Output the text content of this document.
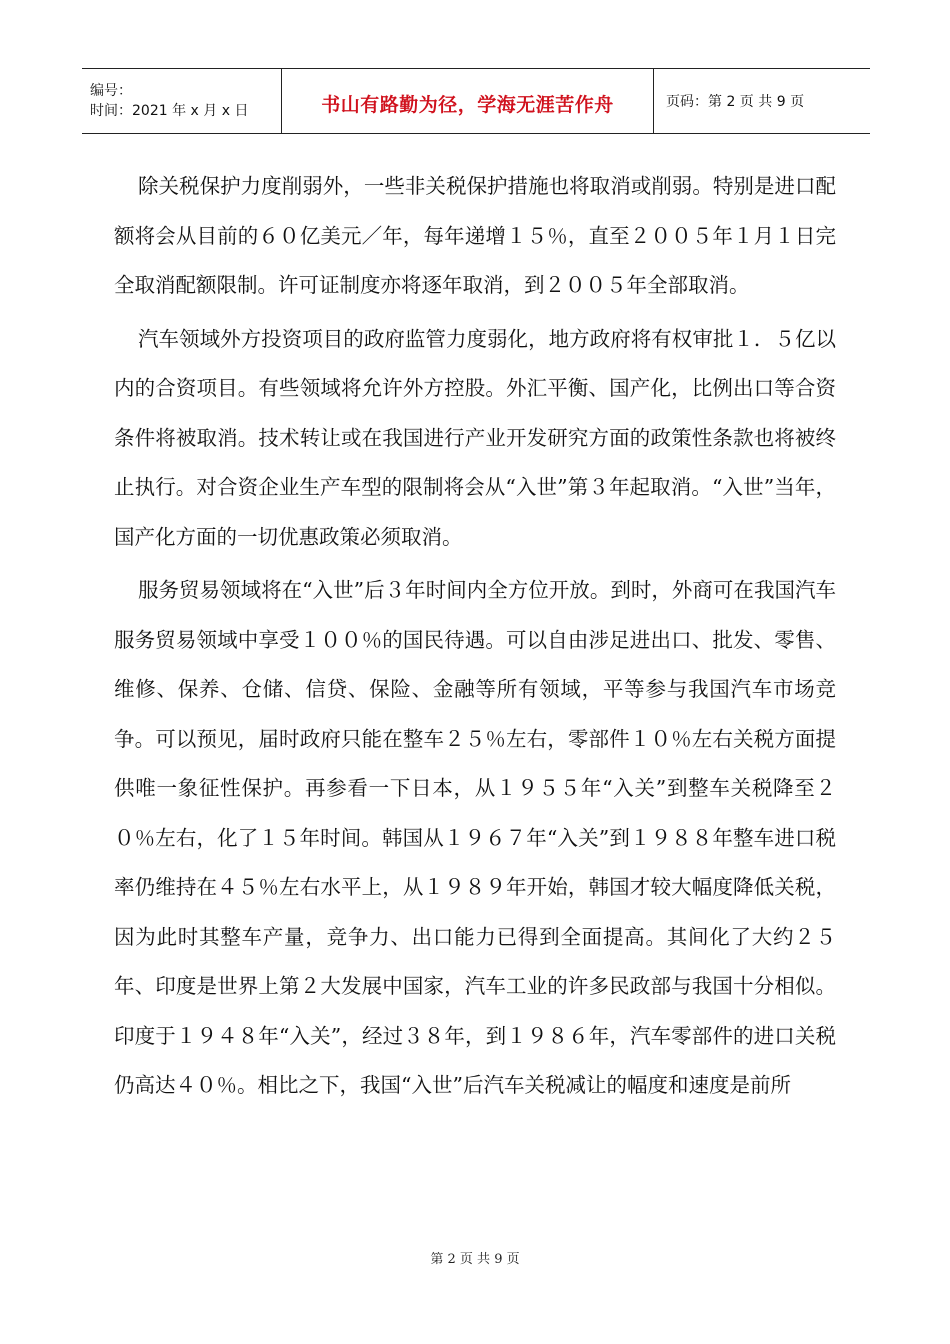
编号：
时间：2021 年 x 月 x 日	书山有路勤为径，学海无涯苦作舟	页码：第 2 页 共 9 页

除关税保护力度削弱外，一些非关税保护措施也将取消或削弱。特别是进口配额将会从目前的６０亿美元／年，每年递增１５％，直至２００５年１月１日完全取消配额限制。许可证制度亦将逐年取消，到２００５年全部取消。

汽车领域外方投资项目的政府监管力度弱化，地方政府将有权审批１．５亿以内的合资项目。有些领域将允许外方控股。外汇平衡、国产化，比例出口等合资条件将被取消。技术转让或在我国进行产业开发研究方面的政策性条款也将被终止执行。对合资企业生产车型的限制将会从“入世”第３年起取消。“入世”当年，国产化方面的一切优惠政策必须取消。

服务贸易领域将在“入世”后３年时间内全方位开放。到时，外商可在我国汽车服务贸易领域中享受１００％的国民待遇。可以自由涉足进出口、批发、零售、维修、保养、仓储、信贷、保险、金融等所有领域，平等参与我国汽车市场竞争。可以预见，届时政府只能在整车２５％左右，零部件１０％左右关税方面提供唯一象征性保护。再参看一下日本，从１９５５年“入关”到整车关税降至２０％左右，化了１５年时间。韩国从１９６７年“入关”到１９８８年整车进口税率仍维持在４５％左右水平上，从１９８９年开始，韩国才较大幅度降低关税，因为此时其整车产量，竞争力、出口能力已得到全面提高。其间化了大约２５年、印度是世界上第２大发展中国家，汽车工业的许多民政部与我国十分相似。印度于１９４８年“入关”，经过３８年，到１９８６年，汽车零部件的进口关税仍高达４０％。相比之下，我国“入世”后汽车关税减让的幅度和速度是前所

第 2 页 共 9 页
